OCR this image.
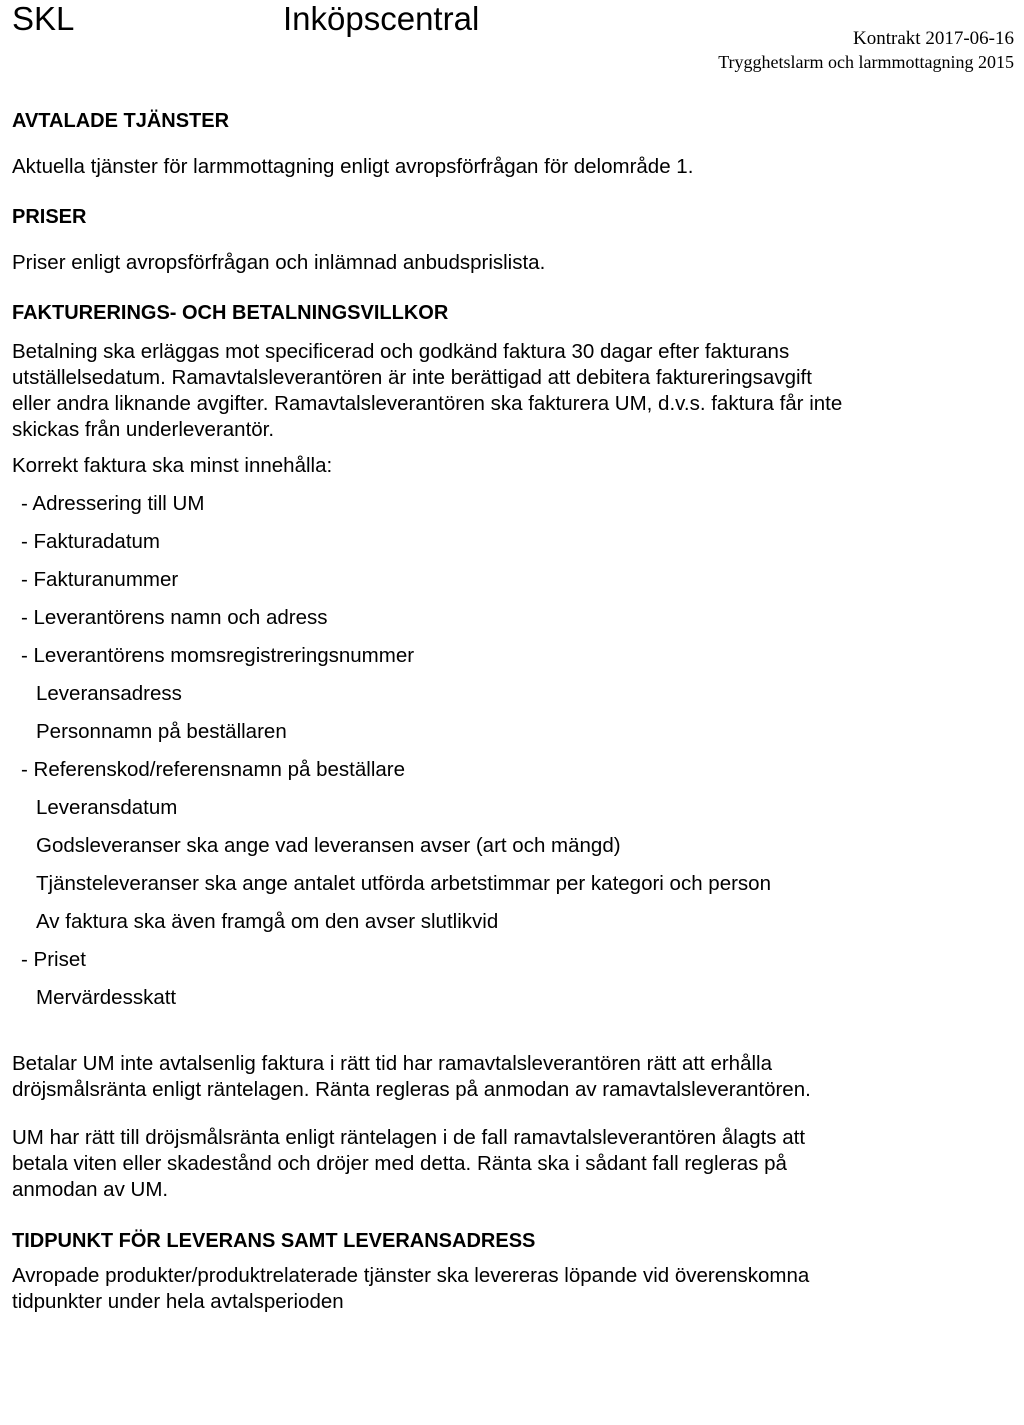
SKL	Inköpscentral
Kontrakt 2017-06-16
Trygghetslarm och larmmottagning 2015

AVTALADE TJÄNSTER

Aktuella tjänster för larmmottagning enligt avropsförfrågan för delområde 1.

PRISER

Priser enligt avropsförfrågan och inlämnad anbudsprislista.

FAKTURERINGS- OCH BETALNINGSVILLKOR

Betalning ska erläggas mot specificerad och godkänd faktura 30 dagar efter fakturans
utställelsedatum. Ramavtalsleverantören är inte berättigad att debitera faktureringsavgift
eller andra liknande avgifter. Ramavtalsleverantören ska fakturera UM, d.v.s. faktura får inte
skickas från underleverantör.

Korrekt faktura ska minst innehålla:

- Adressering till UM
- Fakturadatum
- Fakturanummer
- Leverantörens namn och adress
- Leverantörens momsregistreringsnummer
Leveransadress
Personnamn på beställaren
- Referenskod/referensnamn på beställare
Leveransdatum
Godsleveranser ska ange vad leveransen avser (art och mängd)
Tjänsteleveranser ska ange antalet utförda arbetstimmar per kategori och person
Av faktura ska även framgå om den avser slutlikvid
- Priset
Mervärdesskatt
Betalar UM inte avtalsenlig faktura i rätt tid har ramavtalsleverantören rätt att erhålla
dröjsmålsränta enligt räntelagen. Ränta regleras på anmodan av ramavtalsleverantören.
UM har rätt till dröjsmålsränta enligt räntelagen i de fall ramavtalsleverantören ålagts att
betala viten eller skadestånd och dröjer med detta. Ränta ska i sådant fall regleras på
anmodan av UM.

TIDPUNKT FÖR LEVERANS SAMT LEVERANSADRESS

Avropade produkter/produktrelaterade tjänster ska levereras löpande vid överenskomna
tidpunkter under hela avtalsperioden
